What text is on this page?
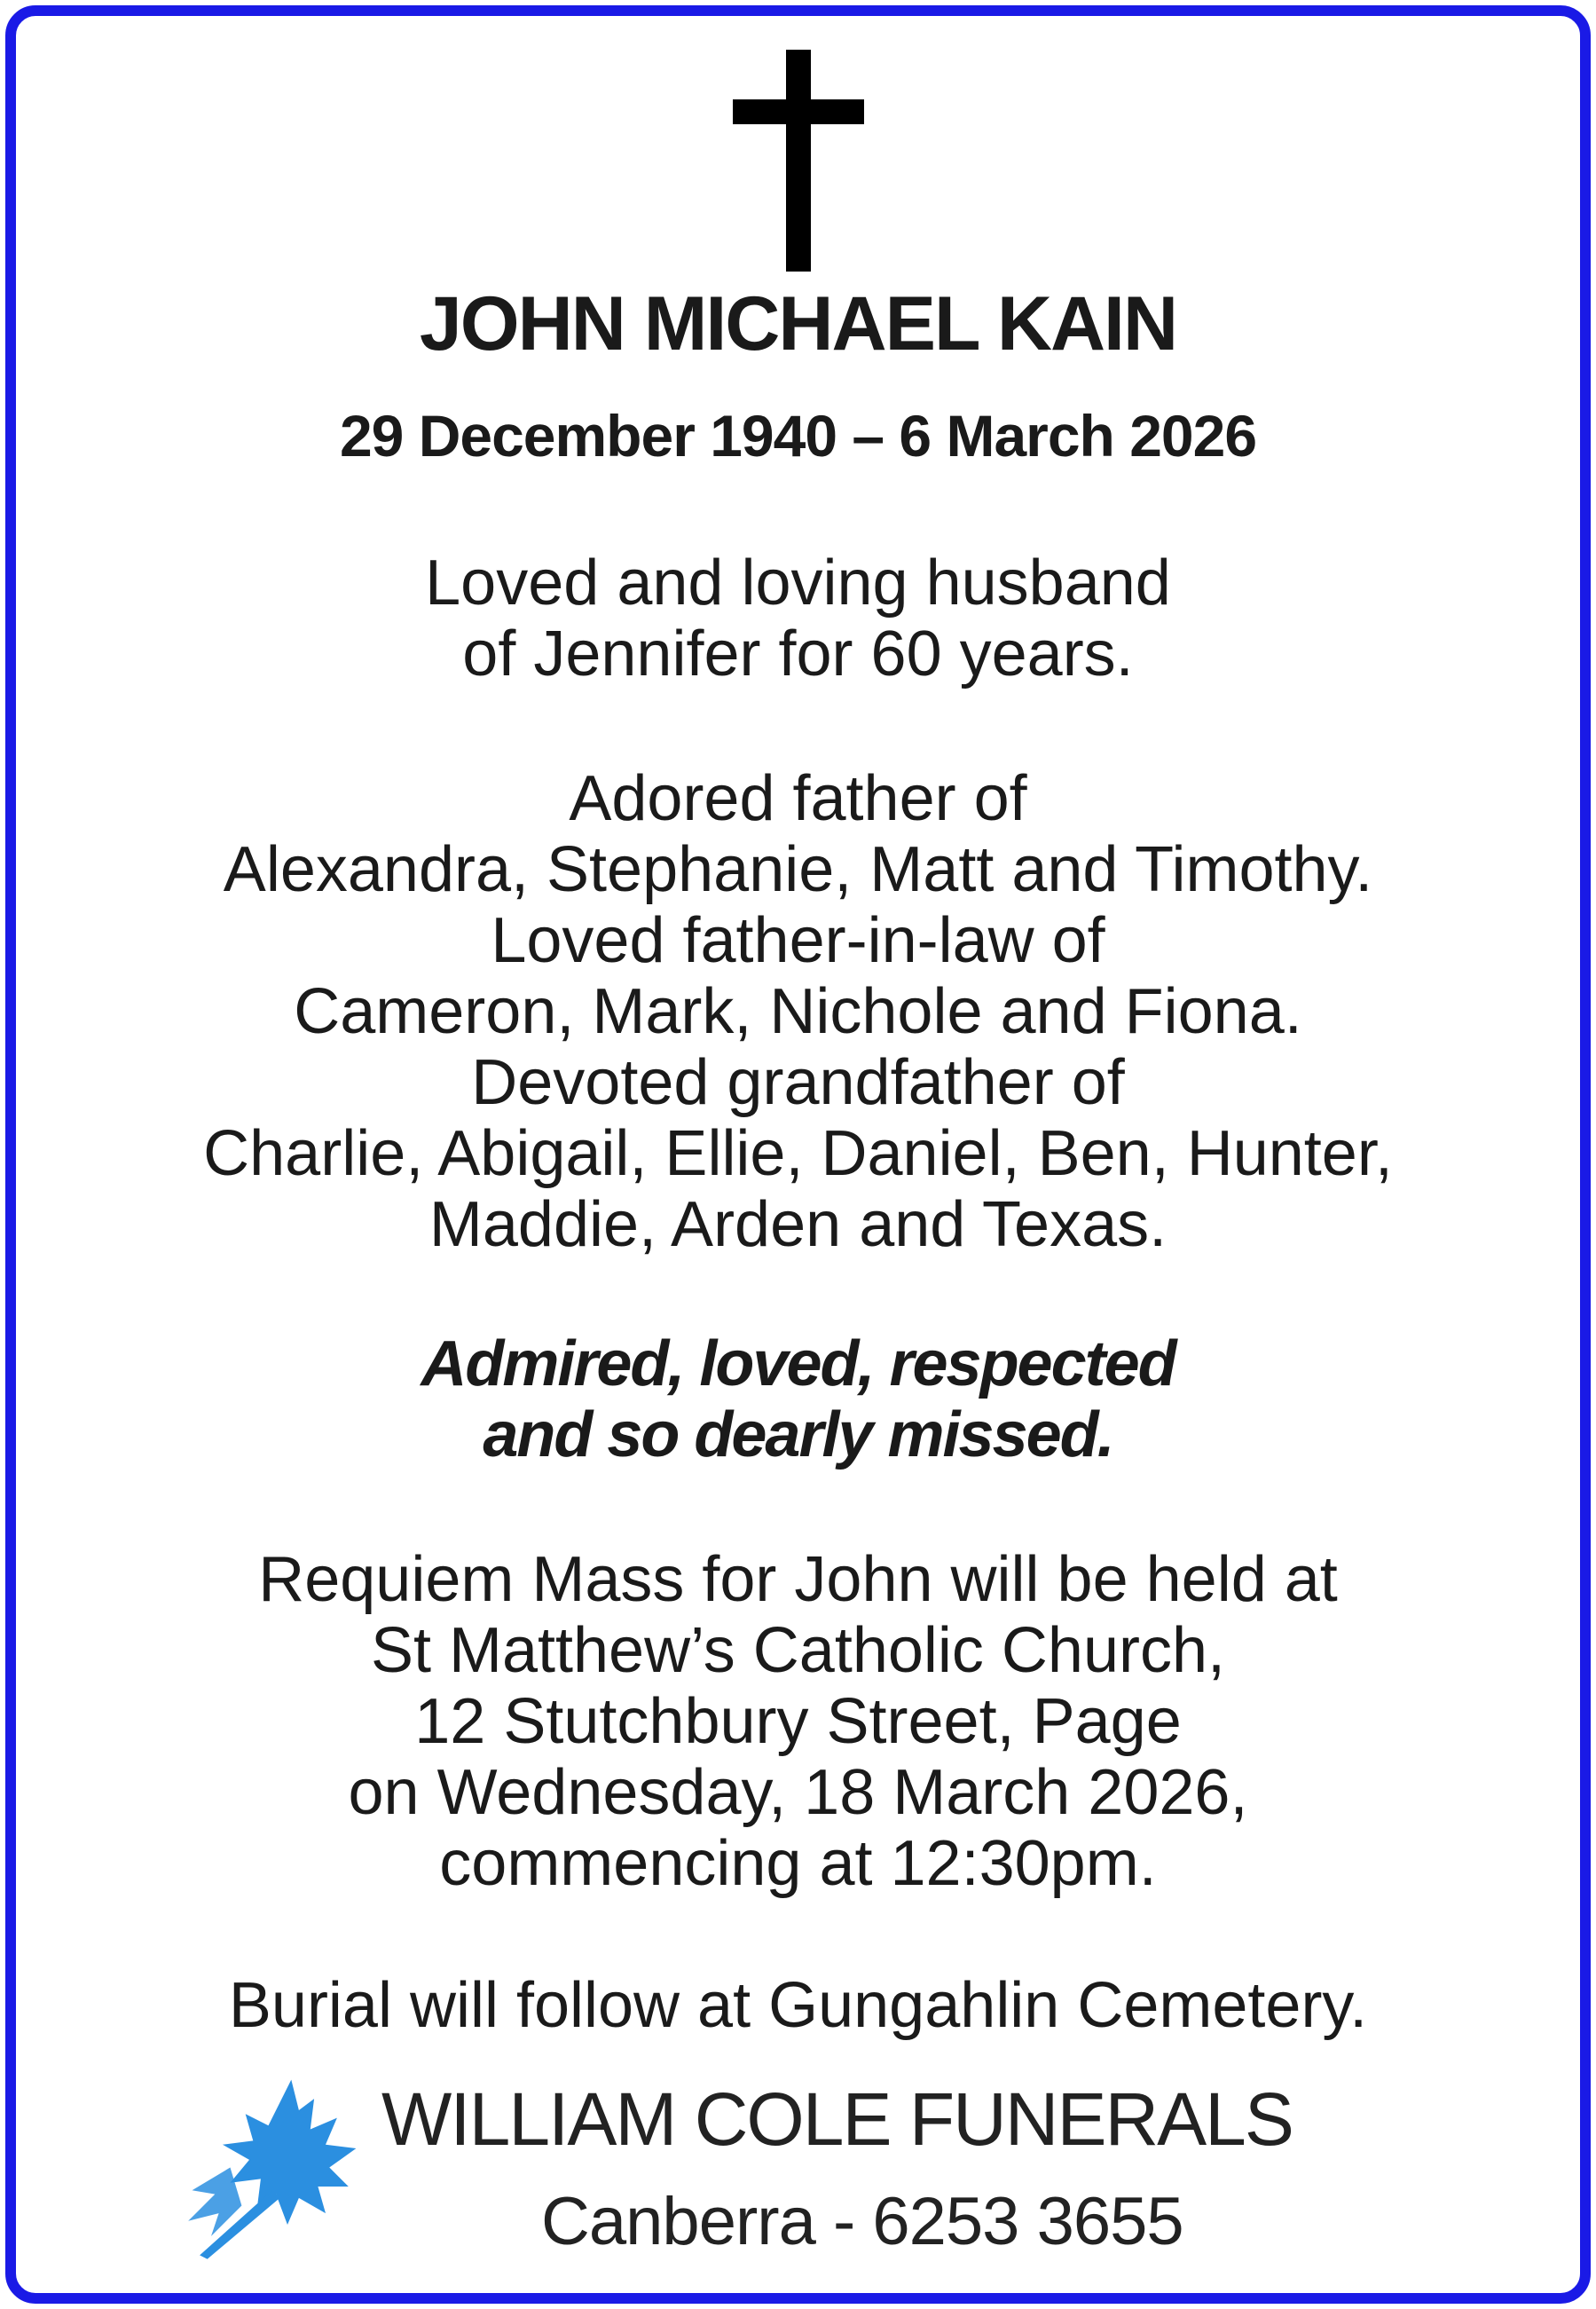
JOHN MICHAEL KAIN
29 December 1940 – 6 March 2026
Loved and loving husband
of Jennifer for 60 years.
Adored father of
Alexandra, Stephanie, Matt and Timothy.
Loved father-in-law of
Cameron, Mark, Nichole and Fiona.
Devoted grandfather of
Charlie, Abigail, Ellie, Daniel, Ben, Hunter,
Maddie, Arden and Texas.
Admired, loved, respected
and so dearly missed.
Requiem Mass for John will be held at
St Matthew’s Catholic Church,
12 Stutchbury Street, Page
on Wednesday, 18 March 2026,
commencing at 12:30pm.
Burial will follow at Gungahlin Cemetery.
WILLIAM COLE FUNERALS
Canberra - 6253 3655
